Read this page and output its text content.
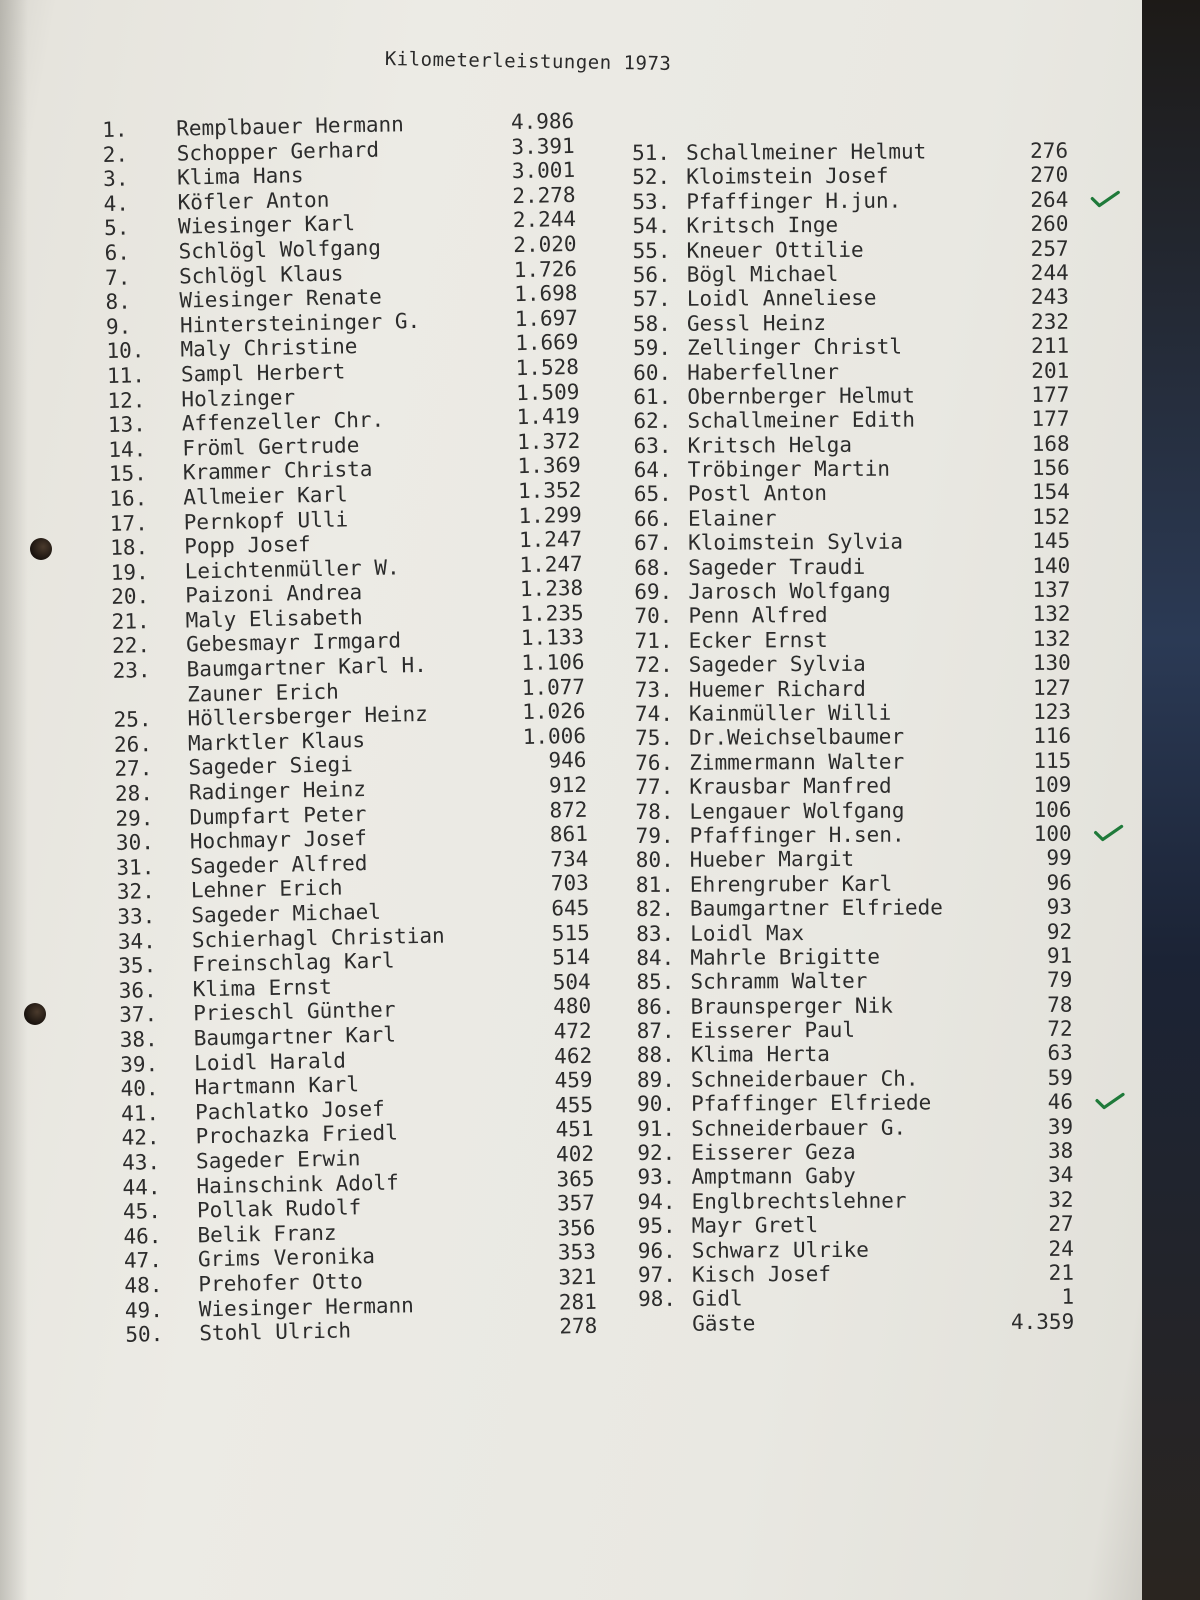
Kilometerleistungen 1973
1. Remplbauer Hermann	4.986
2. Schopper Gerhard	3.391
3. Klima Hans	3.001
4. Köfler Anton	2.278
5. Wiesinger Karl	2.244
6. Schlögl Wolfgang	2.020
7. Schlögl Klaus	1.726
8. Wiesinger Renate	1.698
9. Hintersteininger G.	1.697
10. Maly Christine	1.669
11. Sampl Herbert	1.528
12. Holzinger	1.509
13. Affenzeller Chr.	1.419
14. Fröml Gertrude	1.372
15. Krammer Christa	1.369
16. Allmeier Karl	1.352
17. Pernkopf Ulli	1.299
18. Popp Josef	1.247
19. Leichtenmüller W.	1.247
20. Paizoni Andrea	1.238
21. Maly Elisabeth	1.235
22. Gebesmayr Irmgard	1.133
23. Baumgartner Karl H.	1.106
Zauner Erich	1.077
25. Höllersberger Heinz	1.026
26. Marktler Klaus	1.006
27. Sageder Siegi	946
28. Radinger Heinz	912
29. Dumpfart Peter	872
30. Hochmayr Josef	861
31. Sageder Alfred	734
32. Lehner Erich	703
33. Sageder Michael	645
34. Schierhagl Christian	515
35. Freinschlag Karl	514
36. Klima Ernst	504
37. Prieschl Günther	480
38. Baumgartner Karl	472
39. Loidl Harald	462
40. Hartmann Karl	459
41. Pachlatko Josef	455
42. Prochazka Friedl	451
43. Sageder Erwin	402
44. Hainschink Adolf	365
45. Pollak Rudolf	357
46. Belik Franz	356
47. Grims Veronika	353
48. Prehofer Otto	321
49. Wiesinger Hermann	281
50. Stohl Ulrich	278
51. Schallmeiner Helmut	276
52. Kloimstein Josef	270
53. Pfaffinger H.jun.	264
54. Kritsch Inge	260
55. Kneuer Ottilie	257
56. Bögl Michael	244
57. Loidl Anneliese	243
58. Gessl Heinz	232
59. Zellinger Christl	211
60. Haberfellner	201
61. Obernberger Helmut	177
62. Schallmeiner Edith	177
63. Kritsch Helga	168
64. Tröbinger Martin	156
65. Postl Anton	154
66. Elainer	152
67. Kloimstein Sylvia	145
68. Sageder Traudi	140
69. Jarosch Wolfgang	137
70. Penn Alfred	132
71. Ecker Ernst	132
72. Sageder Sylvia	130
73. Huemer Richard	127
74. Kainmüller Willi	123
75. Dr.Weichselbaumer	116
76. Zimmermann Walter	115
77. Krausbar Manfred	109
78. Lengauer Wolfgang	106
79. Pfaffinger H.sen.	100
80. Hueber Margit	99
81. Ehrengruber Karl	96
82. Baumgartner Elfriede	93
83. Loidl Max	92
84. Mahrle Brigitte	91
85. Schramm Walter	79
86. Braunsperger Nik	78
87. Eisserer Paul	72
88. Klima Herta	63
89. Schneiderbauer Ch.	59
90. Pfaffinger Elfriede	46
91. Schneiderbauer G.	39
92. Eisserer Geza	38
93. Amptmann Gaby	34
94. Englbrechtslehner	32
95. Mayr Gretl	27
96. Schwarz Ulrike	24
97. Kisch Josef	21
98. Gidl	1
Gäste	4.359
